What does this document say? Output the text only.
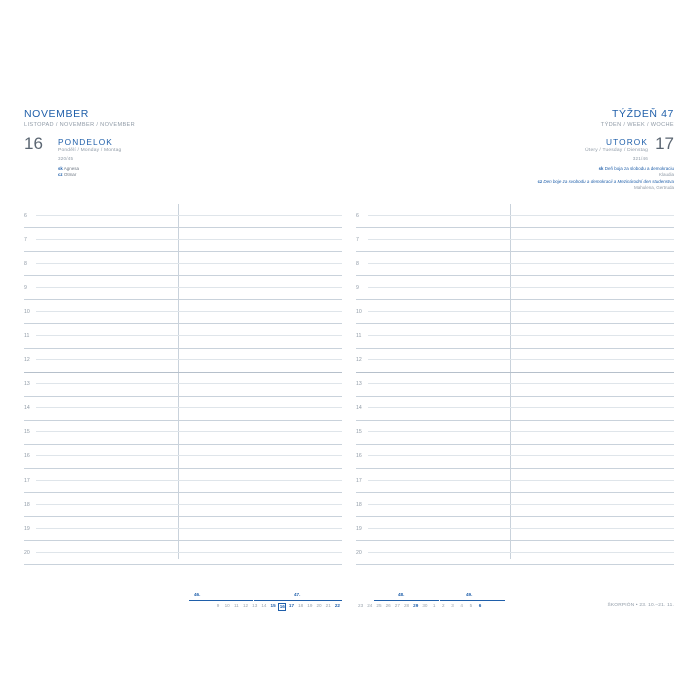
NOVEMBER
LISTOPAD / NOVEMBER / NOVEMBER
16 PONDELOK
Pondělí / Monday / Montag
320/45
sk Agnesa
cz Otmar
6
7
8
9
10
11
12
13
14
15
16
17
18
19
20
46.	47.
9	10 11 12 13 14 15 16 17 18 19 20 21 22
TÝŽDEŇ 47
TÝDEN / WEEK / WOCHE
17
UTOROK
Útery / Tuesday / Dienstag
321/46
sk Deň boja za slobodu a demokraciu
Klaudia
cz Den boje za svobodu a demokracii a Mezinárodní den studenstva
Mahulena, Gertruda
6
7
8
9
10
11
12
13
14
15
16
17
18
19
20
48.	49.
23 24 25 26 27 28 29 30	1	2	3	4	5	6	ŠKORPIÓN • 23. 10.–21. 11.
